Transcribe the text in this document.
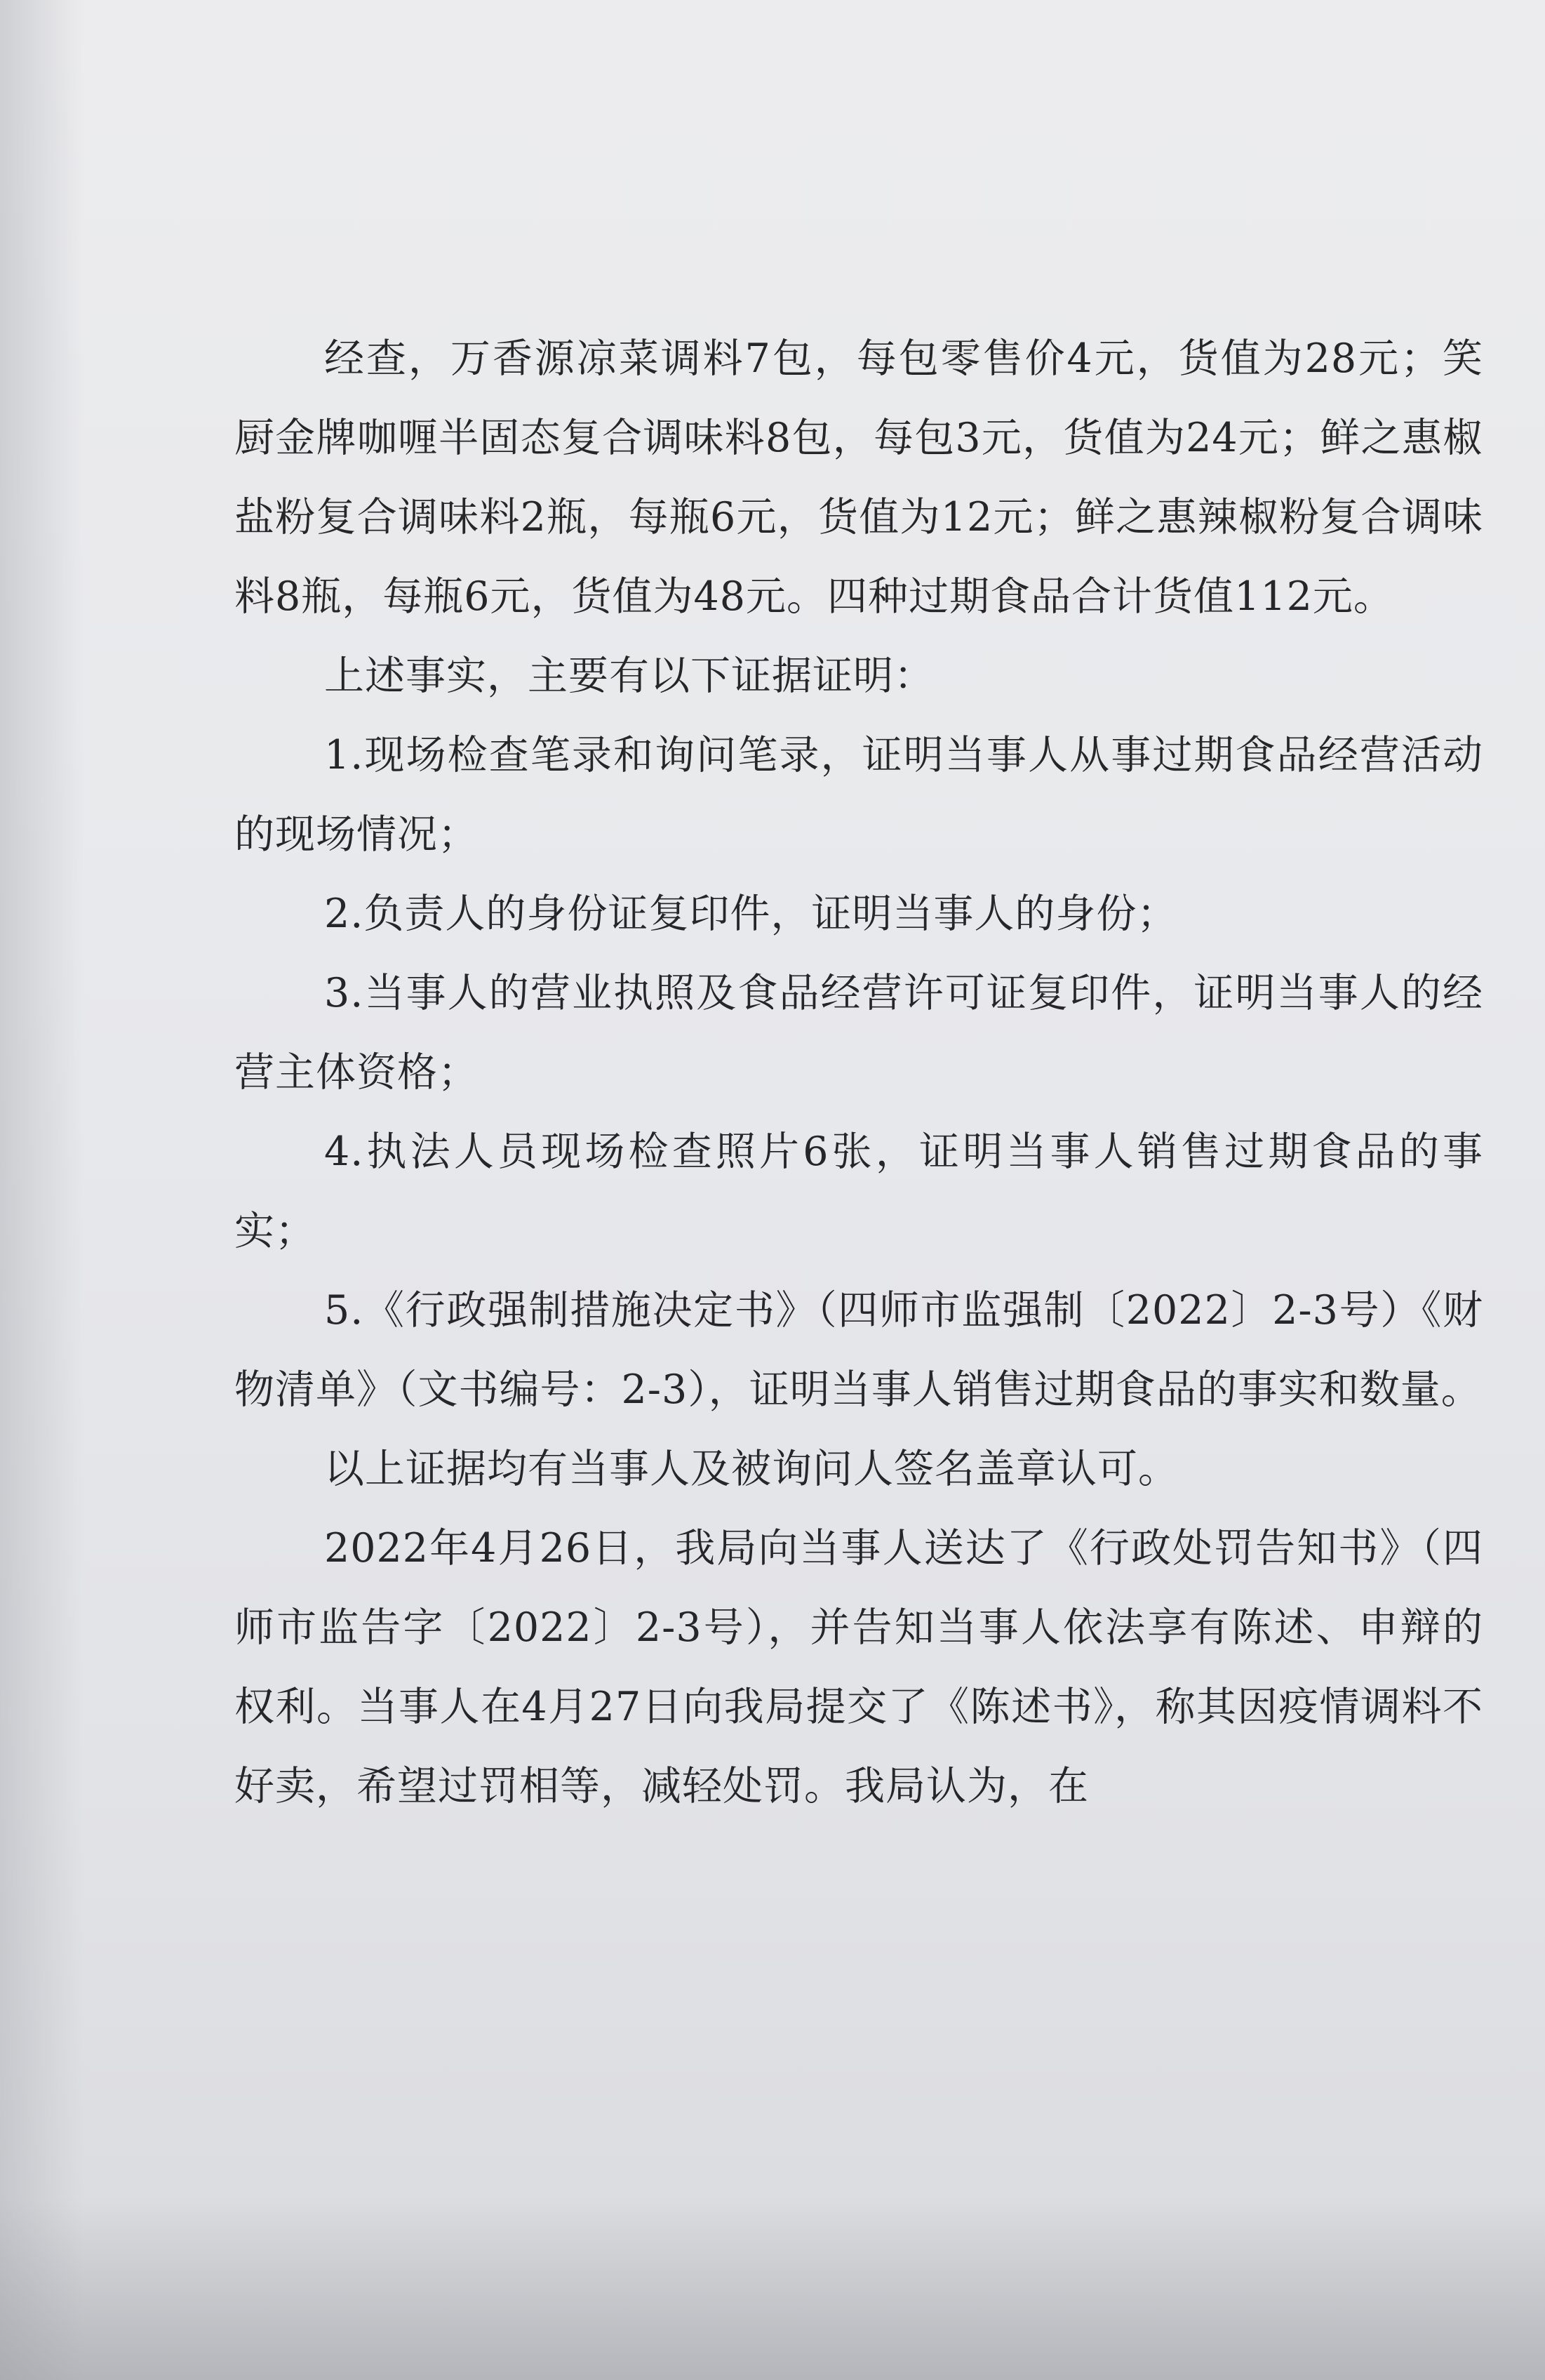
经查，万香源凉菜调料7包，每包零售价4元，货值为28元；笑厨金牌咖喱半固态复合调味料8包，每包3元，货值为24元；鲜之惠椒盐粉复合调味料2瓶，每瓶6元，货值为12元；鲜之惠辣椒粉复合调味料8瓶，每瓶6元，货值为48元。四种过期食品合计货值112元。

上述事实，主要有以下证据证明：

1.现场检查笔录和询问笔录，证明当事人从事过期食品经营活动的现场情况；

2.负责人的身份证复印件，证明当事人的身份；

3.当事人的营业执照及食品经营许可证复印件，证明当事人的经营主体资格；

4.执法人员现场检查照片6张，证明当事人销售过期食品的事实；

5.《行政强制措施决定书》（四师市监强制〔2022〕2-3号）《财物清单》（文书编号：2-3），证明当事人销售过期食品的事实和数量。

以上证据均有当事人及被询问人签名盖章认可。

2022年4月26日，我局向当事人送达了《行政处罚告知书》（四师市监告字〔2022〕2-3号），并告知当事人依法享有陈述、申辩的权利。当事人在4月27日向我局提交了《陈述书》，称其因疫情调料不好卖，希望过罚相等，减轻处罚。我局认为，在
